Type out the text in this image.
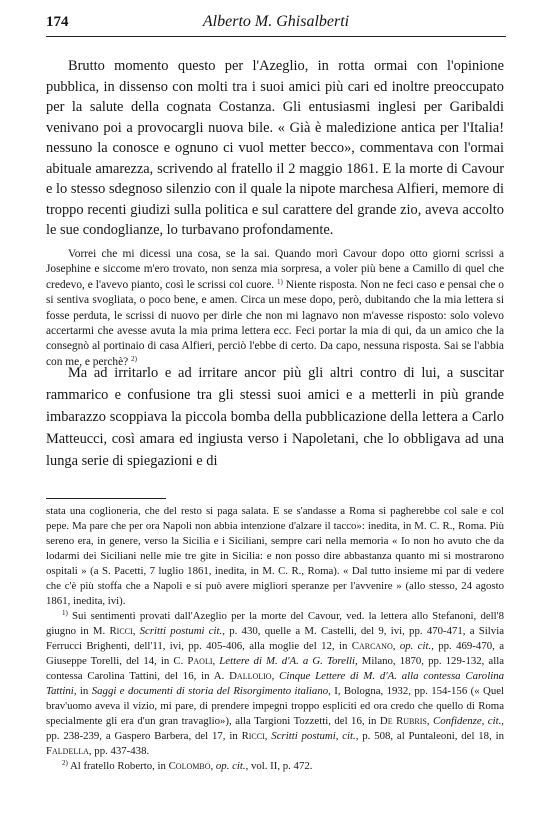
174	Alberto M. Ghisalberti

Brutto momento questo per l'Azeglio, in rotta ormai con l'opinione pubblica, in dissenso con molti tra i suoi amici più cari ed inoltre preoccupato per la salute della cognata Costanza. Gli entusiasmi inglesi per Garibaldi venivano poi a provocargli nuova bile. « Già è maledizione antica per l'Italia! nessuno la conosce e ognuno ci vuol metter becco», commentava con l'ormai abituale amarezza, scrivendo al fratello il 2 maggio 1861. E la morte di Cavour e lo stesso sdegnoso silenzio con il quale la nipote marchesa Alfieri, memore di troppo recenti giudizi sulla politica e sul carattere del grande zio, aveva accolto le sue condoglianze, lo turbavano profondamente.

Vorrei che mi dicessi una cosa, se la sai. Quando morì Cavour dopo otto giorni scrissi a Josephine e siccome m'ero trovato, non senza mia sorpresa, a voler più bene a Camillo di quel che credevo, e l'avevo pianto, così le scrissi col cuore. $^{1)}$ Niente risposta. Non ne feci caso e pensai che o si sentiva svogliata, o poco bene, e amen. Circa un mese dopo, però, dubitando che la mia lettera si fosse perduta, le scrissi di nuovo per dirle che non mi lagnavo non m'avesse risposto: solo volevo accertarmi che avesse avuta la mia prima lettera ecc. Feci portar la mia di qui, da un amico che la consegnò al portinaio di casa Alfieri, perciò l'ebbe di certo. Da capo, nessuna risposta. Sai se l'abbia con me, e perchè? $^{2)}$

Ma ad irritarlo e ad irritare ancor più gli altri contro di lui, a suscitar rammarico e confusione tra gli stessi suoi amici e a metterli in più grande imbarazzo scoppiava la piccola bomba della pubblicazione della lettera a Carlo Matteucci, così amara ed ingiusta verso i Napoletani, che lo obbligava ad una lunga serie di spiegazioni e di

stata una coglioneria, che del resto si paga salata. E se s'andasse a Roma si pagherebbe col sale e col pepe. Ma pare che per ora Napoli non abbia intenzione d'alzare il tacco»: inedita, in M. C. R., Roma. Più sereno era, in genere, verso la Sicilia e i Siciliani, sempre cari nella memoria « Io non ho avuto che da lodarmi dei Siciliani nelle mie tre gite in Sicilia: e non posso dire abbastanza quanto mi si mostrarono ospitali » (a S. Pacetti, 7 luglio 1861, inedita, in M. C. R., Roma). « Dal tutto insieme mi par di vedere che c'è più stoffa che a Napoli e si può avere migliori speranze per l'avvenire » (allo stesso, 24 agosto 1861, inedita, ivi).

$^{1)}$ Sui sentimenti provati dall'Azeglio per la morte del Cavour, ved. la lettera allo Stefanoni, dell'8 giugno in M. Ricci, Scritti postumi cit., p. 430, quelle a M. Castelli, del 9, ivi, pp. 470-471, a Silvia Ferrucci Brighenti, dell'11, ivi, pp. 405-406, alla moglie del 12, in Carcano, op. cit., pp. 469-470, a Giuseppe Torelli, del 14, in C. Paoli, Lettere di M. d'A. a G. Torelli, Milano, 1870, pp. 129-132, alla contessa Carolina Tattini, del 16, in A. Dallolio, Cinque Lettere di M. d'A. alla contessa Carolina Tattini, in Saggi e documenti di storia del Risorgimento italiano, I, Bologna, 1932, pp. 154-156 (« Quel brav'uomo aveva il vizio, mi pare, di prendere impegni troppo espliciti ed ora credo che quello di Roma specialmente gli era d'un gran travaglio»), alla Targioni Tozzetti, del 16, in De Rubris, Confidenze, cit., pp. 238-239, a Gaspero Barbera, del 17, in Ricci, Scritti postumi, cit., p. 508, al Puntaleoni, del 18, in Faldella, pp. 437-438.

$^{2)}$ Al fratello Roberto, in Colombo, op. cit., vol. II, p. 472.
